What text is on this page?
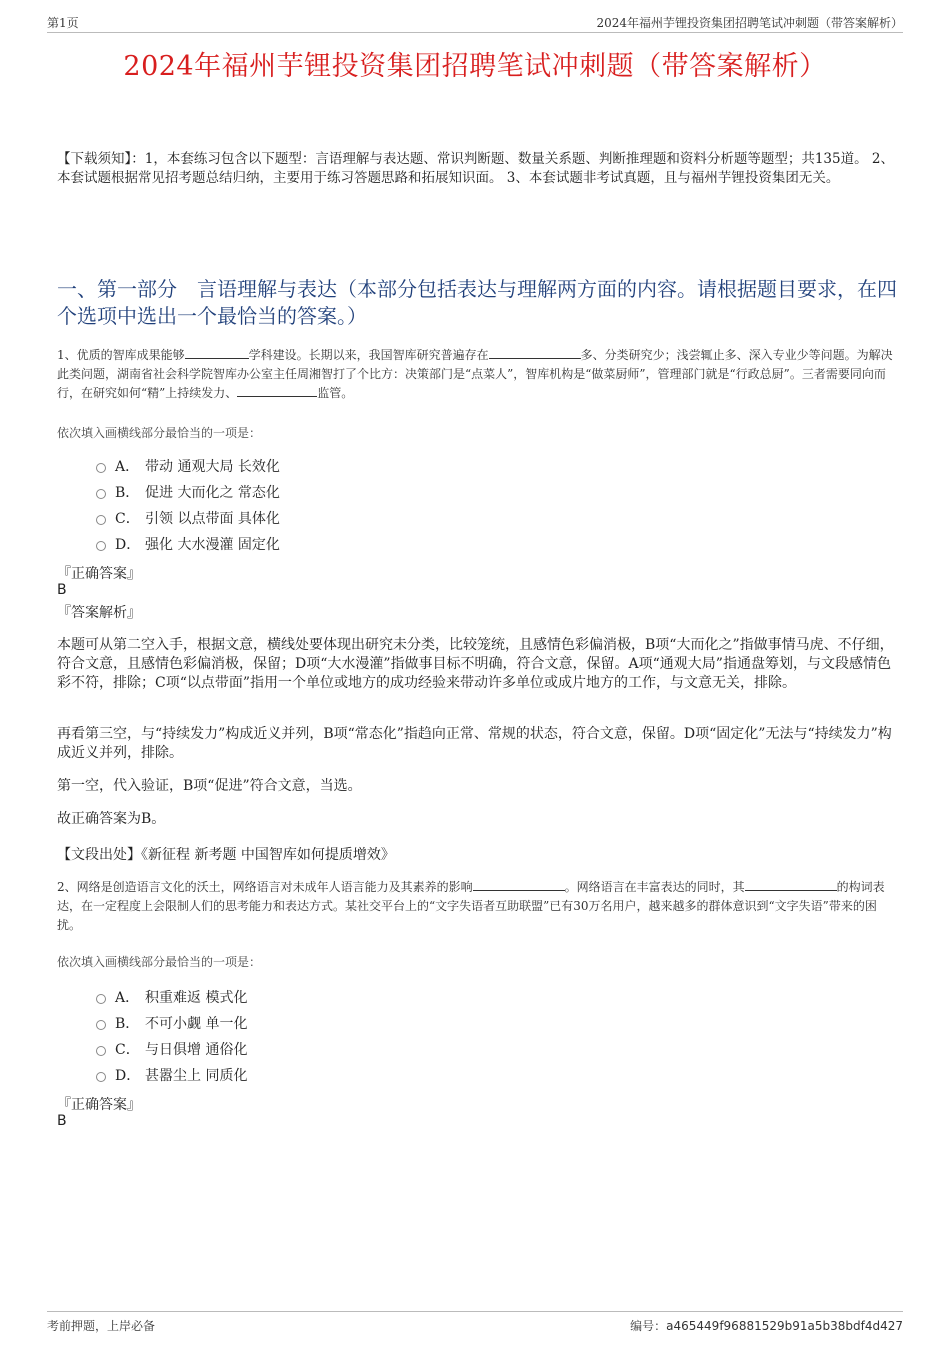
第1页	2024年福州芋锂投资集团招聘笔试冲刺题（带答案解析）
2024年福州芋锂投资集团招聘笔试冲刺题（带答案解析）
【下载须知】：1，本套练习包含以下题型：言语理解与表达题、常识判断题、数量关系题、判断推理题和资料分析题等题型；共135道。 2、本套试题根据常见招考题总结归纳，主要用于练习答题思路和拓展知识面。 3、本套试题非考试真题，且与福州芋锂投资集团无关。
一、第一部分　言语理解与表达（本部分包括表达与理解两方面的内容。请根据题目要求，在四个选项中选出一个最恰当的答案。）
1、优质的智库成果能够	学科建设。长期以来，我国智库研究普遍存在	多、分类研究少；浅尝辄止多、深入专业少等问题。为解决此类问题，湖南省社会科学院智库办公室主任周湘智打了个比方：决策部门是“点菜人”，智库机构是“做菜厨师”，管理部门就是“行政总厨”。三者需要同向而行，在研究如何“精”上持续发力、	监管。
依次填入画横线部分最恰当的一项是：
A． 带动 通观大局 长效化
B． 促进 大而化之 常态化
C． 引领 以点带面 具体化
D． 强化 大水漫灌 固定化
『正确答案』
B
『答案解析』
本题可从第二空入手，根据文意，横线处要体现出研究未分类，比较笼统，且感情色彩偏消极，B项“大而化之”指做事情马虎、不仔细，符合文意，且感情色彩偏消极，保留；D项“大水漫灌”指做事目标不明确，符合文意，保留。A项“通观大局”指通盘筹划，与文段感情色彩不符，排除；C项“以点带面”指用一个单位或地方的成功经验来带动许多单位或成片地方的工作，与文意无关，排除。
再看第三空，与“持续发力”构成近义并列，B项“常态化”指趋向正常、常规的状态，符合文意，保留。D项“固定化”无法与“持续发力”构成近义并列，排除。
第一空，代入验证，B项“促进”符合文意，当选。
故正确答案为B。
【文段出处】《新征程 新考题 中国智库如何提质增效》
2、网络是创造语言文化的沃土，网络语言对未成年人语言能力及其素养的影响	。网络语言在丰富表达的同时，其	的构词表达，在一定程度上会限制人们的思考能力和表达方式。某社交平台上的“文字失语者互助联盟”已有30万名用户，越来越多的群体意识到“文字失语”带来的困扰。
依次填入画横线部分最恰当的一项是：
A． 积重难返 模式化
B． 不可小觑 单一化
C． 与日俱增 通俗化
D． 甚嚣尘上 同质化
『正确答案』
B
考前押题，上岸必备	编号：a465449f96881529b91a5b38bdf4d427
